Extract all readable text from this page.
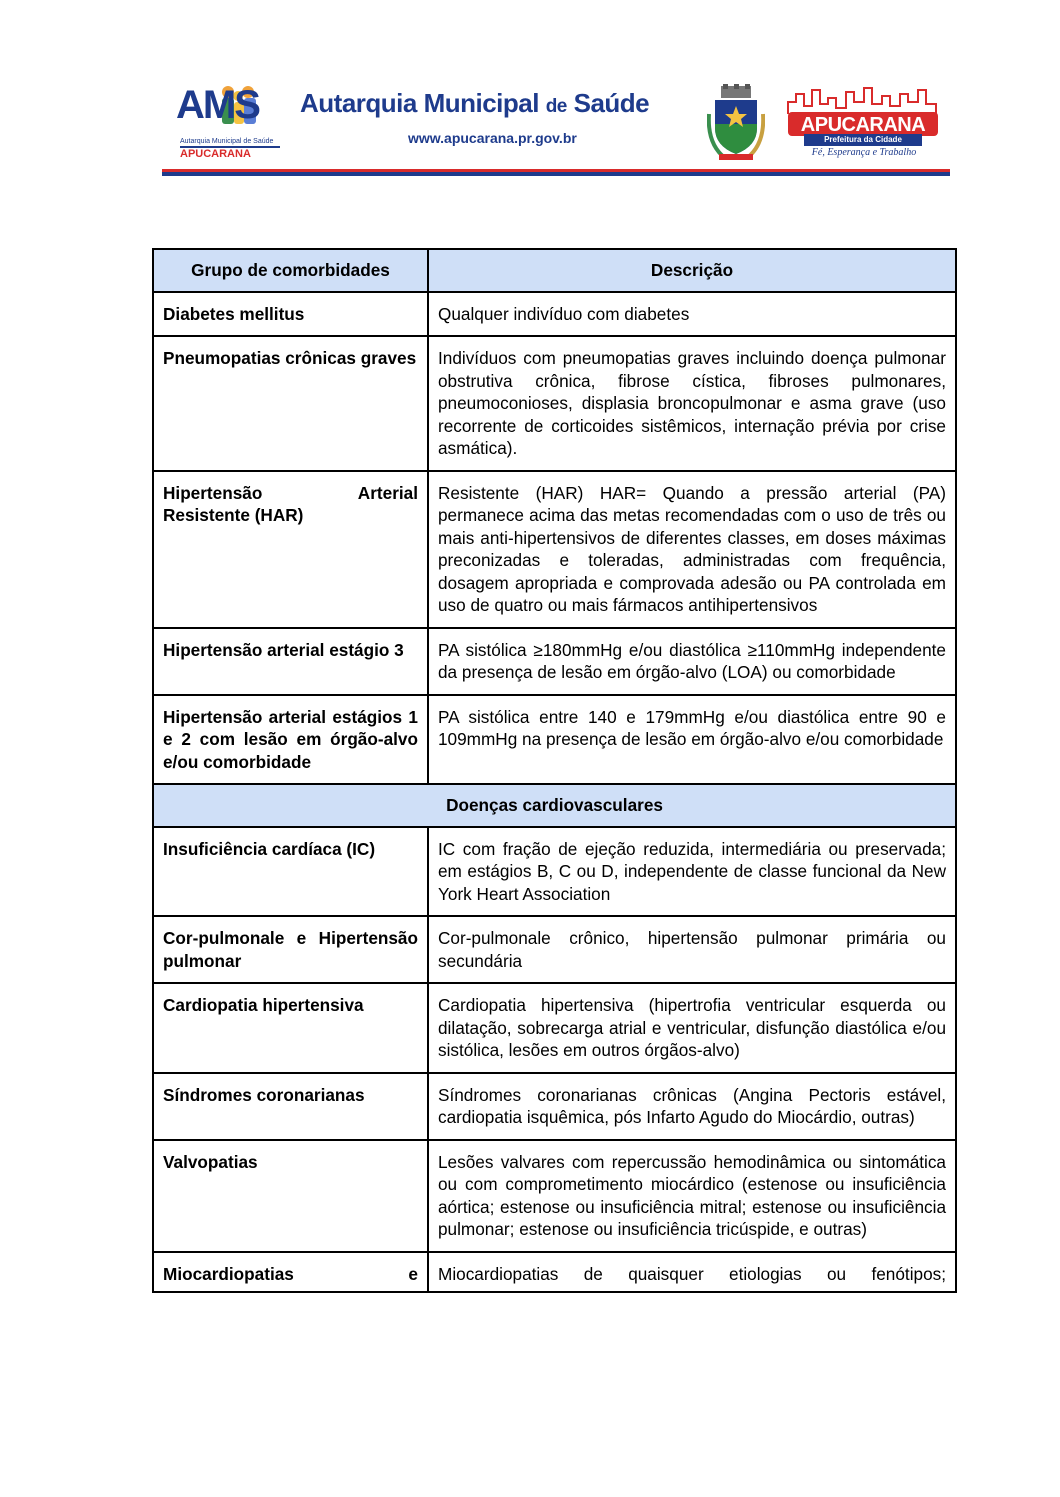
AMS
Autarquia Municipal de Saúde
APUCARANA
Autarquia Municipal de Saúde
www.apucarana.pr.gov.br
APUCARANA
Prefeitura da Cidade
Fé, Esperança e Trabalho
Grupo de comorbidades	Descrição
Diabetes mellitus	Qualquer indivíduo com diabetes
Pneumopatias crônicas graves	Indivíduos com pneumopatias graves incluindo doença pulmonar obstrutiva crônica, fibrose cística, fibroses pulmonares, pneumoconioses, displasia broncopulmonar e asma grave (uso recorrente de corticoides sistêmicos, internação prévia por crise asmática).
Hipertensão Arterial Resistente (HAR)	Resistente (HAR) HAR= Quando a pressão arterial (PA) permanece acima das metas recomendadas com o uso de três ou mais anti-hipertensivos de diferentes classes, em doses máximas preconizadas e toleradas, administradas com frequência, dosagem apropriada e comprovada adesão ou PA controlada em uso de quatro ou mais fármacos antihipertensivos
Hipertensão arterial estágio 3	PA sistólica ≥180mmHg e/ou diastólica ≥110mmHg independente da presença de lesão em órgão-alvo (LOA) ou comorbidade
Hipertensão arterial estágios 1 e 2 com lesão em órgão-alvo e/ou comorbidade	PA sistólica entre 140 e 179mmHg e/ou diastólica entre 90 e 109mmHg na presença de lesão em órgão-alvo e/ou comorbidade
Doenças cardiovasculares	
Insuficiência cardíaca (IC)	IC com fração de ejeção reduzida, intermediária ou preservada; em estágios B, C ou D, independente de classe funcional da New York Heart Association
Cor-pulmonale e Hipertensão pulmonar	Cor-pulmonale crônico, hipertensão pulmonar primária ou secundária
Cardiopatia hipertensiva	Cardiopatia hipertensiva (hipertrofia ventricular esquerda ou dilatação, sobrecarga atrial e ventricular, disfunção diastólica e/ou sistólica, lesões em outros órgãos-alvo)
Síndromes coronarianas	Síndromes coronarianas crônicas (Angina Pectoris estável, cardiopatia isquêmica, pós Infarto Agudo do Miocárdio, outras)
Valvopatias	Lesões valvares com repercussão hemodinâmica ou sintomática ou com comprometimento miocárdico (estenose ou insuficiência aórtica; estenose ou insuficiência mitral; estenose ou insuficiência pulmonar; estenose ou insuficiência tricúspide, e outras)
Miocardiopatias e	Miocardiopatias de quaisquer etiologias ou fenótipos;
